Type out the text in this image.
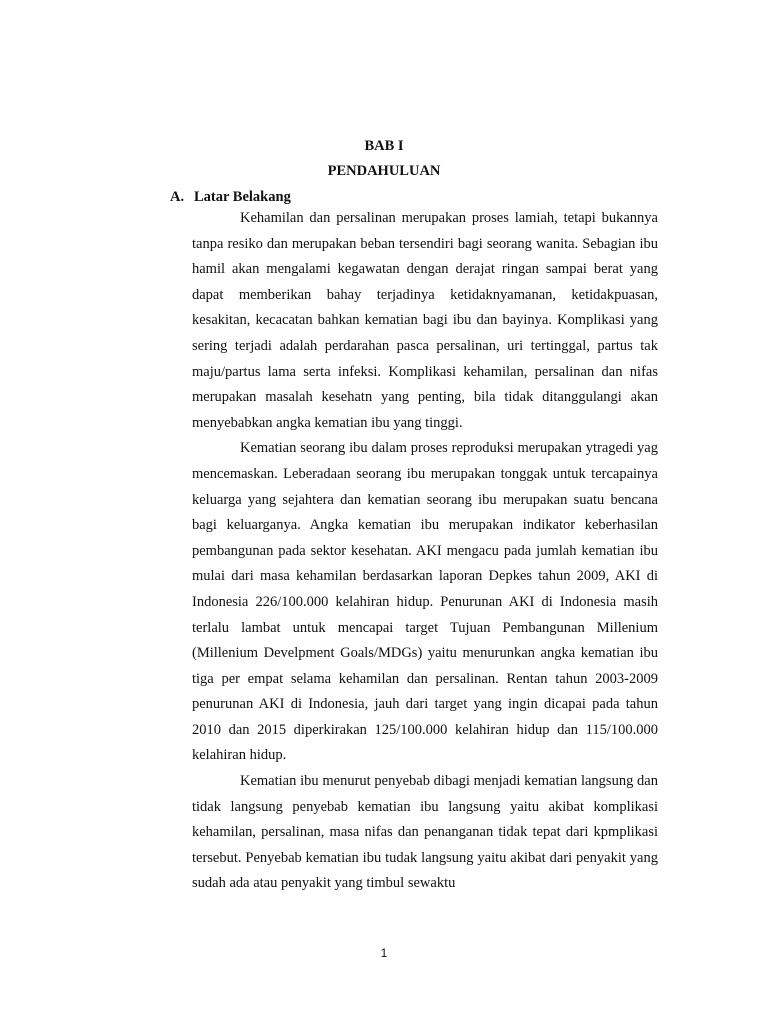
BAB I
PENDAHULUAN
A. Latar Belakang

Kehamilan dan persalinan merupakan proses lamiah, tetapi bukannya tanpa resiko dan merupakan beban tersendiri bagi seorang wanita. Sebagian ibu hamil akan mengalami kegawatan dengan derajat ringan sampai berat yang dapat memberikan bahay terjadinya ketidaknyamanan, ketidakpuasan, kesakitan, kecacatan bahkan kematian bagi ibu dan bayinya. Komplikasi yang sering terjadi adalah perdarahan pasca persalinan, uri tertinggal, partus tak maju/partus lama serta infeksi. Komplikasi kehamilan, persalinan dan nifas merupakan masalah kesehatn yang penting, bila tidak ditanggulangi akan menyebabkan angka kematian ibu yang tinggi.

Kematian seorang ibu dalam proses reproduksi merupakan ytragedi yag mencemaskan. Leberadaan seorang ibu merupakan tonggak untuk tercapainya keluarga yang sejahtera dan kematian seorang ibu merupakan suatu bencana bagi keluarganya. Angka kematian ibu merupakan indikator keberhasilan pembangunan pada sektor kesehatan. AKI mengacu pada jumlah kematian ibu mulai dari masa kehamilan berdasarkan laporan Depkes tahun 2009, AKI di Indonesia 226/100.000 kelahiran hidup. Penurunan AKI di Indonesia masih terlalu lambat untuk mencapai target Tujuan Pembangunan Millenium (Millenium Develpment Goals/MDGs) yaitu menurunkan angka kematian ibu tiga per empat selama kehamilan dan persalinan. Rentan tahun 2003-2009 penurunan AKI di Indonesia, jauh dari target yang ingin dicapai pada tahun 2010 dan 2015 diperkirakan 125/100.000 kelahiran hidup dan 115/100.000 kelahiran hidup.

Kematian ibu menurut penyebab dibagi menjadi kematian langsung dan tidak langsung penyebab kematian ibu langsung yaitu akibat komplikasi kehamilan, persalinan, masa nifas dan penanganan tidak tepat dari kpmplikasi tersebut. Penyebab kematian ibu tudak langsung yaitu akibat dari penyakit yang sudah ada atau penyakit yang timbul sewaktu

1
